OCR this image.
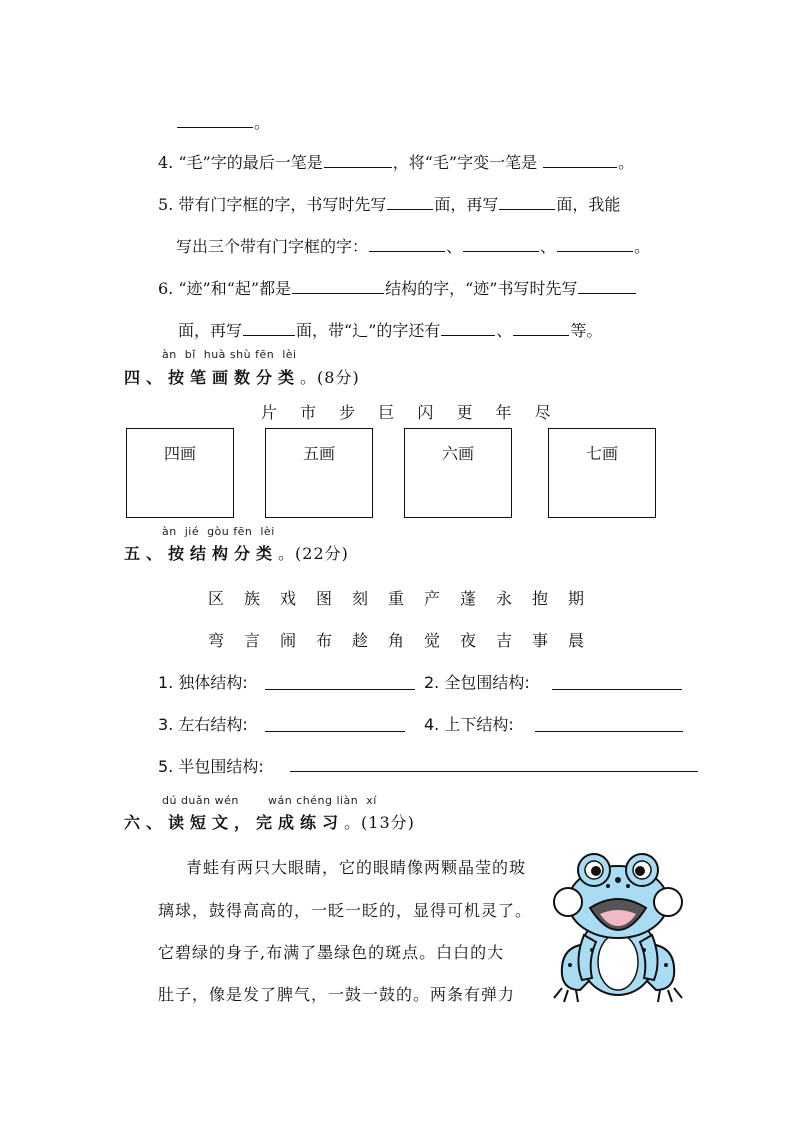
。
4. “毛”字的最后一笔是	，将“毛”字变一笔是	。
5. 带有门字框的字，书写时先写	面，再写	面，我能
写出三个带有门字框的字：	、	、	。
6. “迹”和“起”都是	结构的字，“迹”书写时先写
面，再写	面，带“辶”的字还有	、	等。
àn  bǐ  huà shù fēn  lèi
四、按笔画数分类。(8分)
片 市 步 巨 闪 更 年 尽
四画	五画	六画	七画
àn  jié  gòu fēn  lèi
五、按结构分类。(22分)
区 族 戏 图 刻 重 产 蓬 永 抱 期
弯 言 闹 布 趁 角 觉 夜 吉 事 晨
1. 独体结构:	2. 全包围结构:
3. 左右结构:	4. 上下结构:
5. 半包围结构:
dú duǎn wén	wán chéng liàn  xí
六、读短文，完成练习。(13分)
青蛙有两只大眼睛，它的眼睛像两颗晶莹的玻
璃球，鼓得高高的，一眨一眨的，显得可机灵了。
它碧绿的身子,布满了墨绿色的斑点。白白的大
肚子，像是发了脾气，一鼓一鼓的。两条有弹力
